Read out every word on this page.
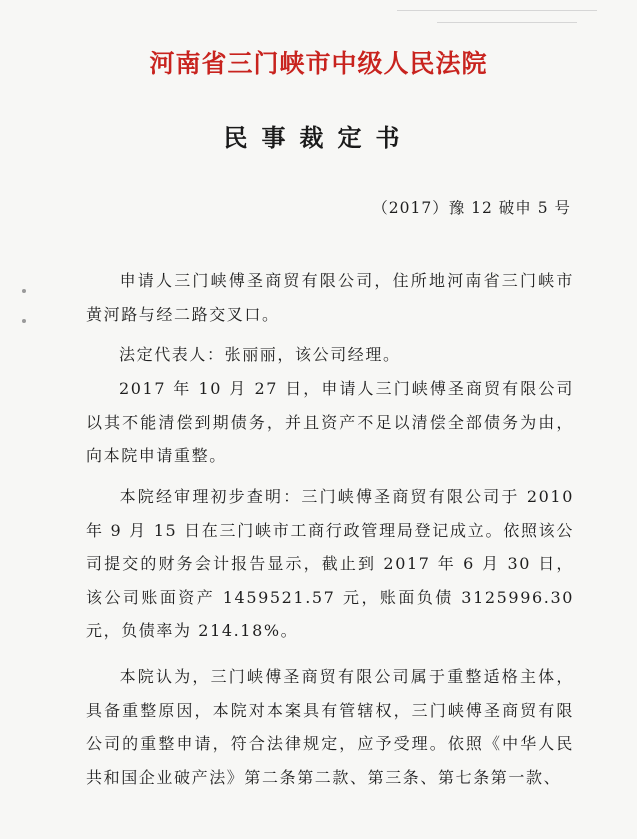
河南省三门峡市中级人民法院
民事裁定书
（2017）豫 12 破申 5 号
申请人三门峡傅圣商贸有限公司，住所地河南省三门峡市黄河路与经二路交叉口。
法定代表人：张丽丽，该公司经理。
2017 年 10 月 27 日，申请人三门峡傅圣商贸有限公司以其不能清偿到期债务，并且资产不足以清偿全部债务为由，向本院申请重整。
本院经审理初步查明：三门峡傅圣商贸有限公司于 2010 年 9 月 15 日在三门峡市工商行政管理局登记成立。依照该公司提交的财务会计报告显示，截止到 2017 年 6 月 30 日，该公司账面资产 1459521.57 元，账面负债 3125996.30 元，负债率为 214.18%。
本院认为，三门峡傅圣商贸有限公司属于重整适格主体，具备重整原因，本院对本案具有管辖权，三门峡傅圣商贸有限公司的重整申请，符合法律规定，应予受理。依照《中华人民共和国企业破产法》第二条第二款、第三条、第七条第一款、
